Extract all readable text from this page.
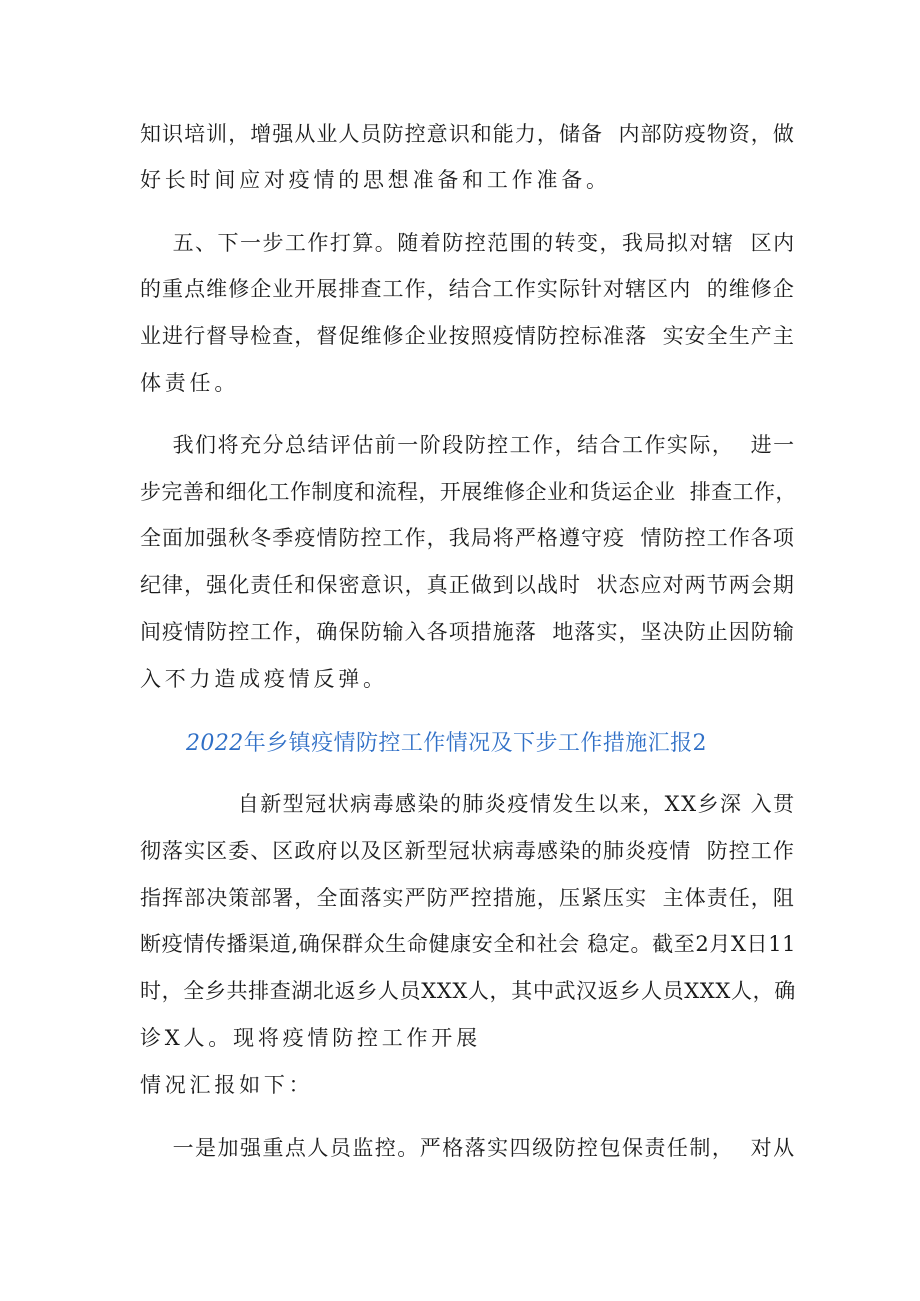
知识培训，增强从业人员防控意识和能力，储备  内部防疫物资，做

好长时间应对疫情的思想准备和工作准备。

五、下一步工作打算。随着防控范围的转变，我局拟对辖  区内

的重点维修企业开展排查工作，结合工作实际针对辖区内  的维修企

业进行督导检查，督促维修企业按照疫情防控标准落  实安全生产主

体责任。

我们将充分总结评估前一阶段防控工作，结合工作实际，  进一

步完善和细化工作制度和流程，开展维修企业和货运企业  排查工作，

全面加强秋冬季疫情防控工作，我局将严格遵守疫  情防控工作各项

纪律，强化责任和保密意识，真正做到以战时  状态应对两节两会期

间疫情防控工作，确保防输入各项措施落  地落实，坚决防止因防输

入不力造成疫情反弹。

2022年乡镇疫情防控工作情况及下步工作措施汇报2

自新型冠状病毒感染的肺炎疫情发生以来，XX乡深 入贯

彻落实区委、区政府以及区新型冠状病毒感染的肺炎疫情  防控工作

指挥部决策部署，全面落实严防严控措施，压紧压实  主体责任，阻

断疫情传播渠道,确保群众生命健康安全和社会 稳定。截至2月X日11

时，全乡共排查湖北返乡人员XXX人，其中武汉返乡人员XXX人，确

诊X人。现将疫情防控工作开展

情况汇报如下：

一是加强重点人员监控。严格落实四级防控包保责任制，  对从
